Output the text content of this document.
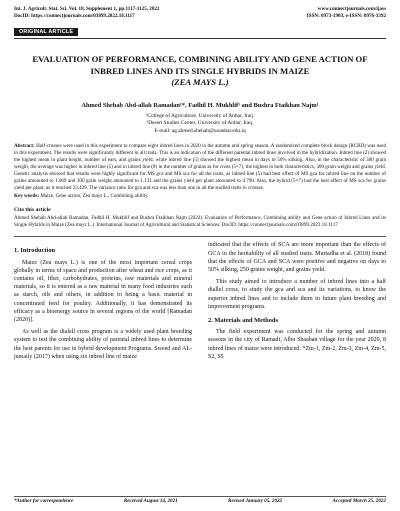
Int. J. Agricult. Stat. Sci. Vol. 18, Supplement 1, pp.1117-1125, 2022
DocID: https://connectjournals.com/03899.2022.18.1117
www.connectjournals.com/ijass
ISSN: 0973-1903, e-ISSN: 0976-3392
ORIGINAL ARTICLE
EVALUATION OF PERFORMANCE, COMBINING ABILITY AND GENE ACTION OF INBRED LINES AND ITS SINGLE HYBRIDS IN MAIZE
(ZEA MAYS L.)
Ahmed Shehab Abd-allah Ramadan¹*, Fadhil H. Mukhlif¹ and Bushra Ftaikhan Najm¹
¹College of Agriculture, University of Anbar, Iraq.
²Desert Studies Center, University of Anbar, Iraq.
E-mail: ag.ahmed.shehab@uoanbar.edu.iq
Abstract: Half-crosses were used in this experiment to compare eight inbred lines in 2020 in the autumn and spring season. A randomized complete block design (RCBD) was used in this experiment. The results were significantly different in all traits. This is an indication of the different parental inbred lines involved in the hybridization. Inbred line (2) showed the highest mean in plant height, number of ears, and grains yield, while inbred line (5) showed the highest mean in days to 50% silking. Also, in the characteristic of 300 grain weight, the average was higher in inbred line (5) and in inbred line (8) in the number of grains as for cross (5×7), the highest in both characteristics, 300 grain weight and grains yield. Genetic analysis showed that results were highly significant for MS gca and MS sca for all the traits, as inbred line (5) had best effect of MS gca for inbred line on the number of grains amounted to 1.069 and 300 grain weight amounted to 1.131 and the grains yield per plant amounted to 4.790. Also, the hybrid (5×7) had the best effect of MS sca for grains yield per plant, as it reached 23.429. The variance ratio for gca and sca was less than one in all the studied traits in crosses.
Key words: Maize, Gene action, Zea mays L., Combining ability.
Cite this article
Ahmed Shehab Abd-allah Ramadan, Fadhil H. Mukhlif and Bushra Ftaikhan Najm (2022). Evaluation of Performance, Combining ability and Gene action of Inbred Lines and its Single Hybrids in Maize (Zea mays L.). International Journal of Agricultural and Statistical Sciences. DocID: https://connectjournals.com/03899.2022.18.1117
1. Introduction

Maize (Zea mays L.) is one of the most important cereal crops globally in terms of space and production after wheat and rice crops, as it contains oil, fiber, carbohydrates, proteins, raw materials and mineral materials, so it is entered as a raw material in many food industries such as starch, oils and others, in addition to being a basic material in concentrated feed for poultry. Additionally, it has demonstrated its efficacy as a bioenergy source in several regions of the world [Ramadan (2020)].

As well as the dialell cross program is a widely used plant breeding system to test the combining ability of parental inbred lines to determine the best parents for use in hybrid development Programs. Sweed and AL-jumaily (2017) when using six inbred line of maize

indicated that the effects of SCA are more important than the effects of GCA in the heritability of all studied traits. Murtadha et al. (2018) found that the effects of GCA and SCA were positive and negative on days to 50% silking, 250 grains weight, and grains yield.

This study aimed to introduce a number of inbred lines into a half diallel cross, to study the gca and sca and its variations, to know the superior inbred lines and to include them in future plant breeding and improvement programs.

2. Materials and Methods

The field experiment was conducted for the spring and autumn seasons in the city of Ramadi, Albu Shaaban village for the year 2020, 8 inbred lines of maize were introduced: *Zm-1, Zm-2, Zm-3, Zm-4, Zm-5, S2, S5

*Author for correspondence	Received August 14, 2021	Revised January 05, 2022	Accepted March 25, 2022
